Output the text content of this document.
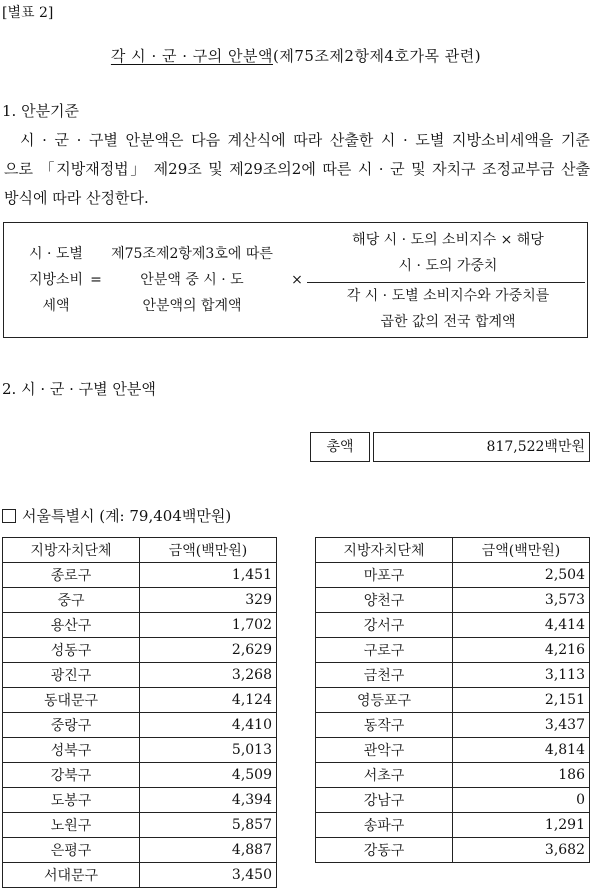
[별표 2]
각 시 · 군 · 구의 안분액(제75조제2항제4호가목 관련)
1. 안분기준
시 · 군 · 구별 안분액은 다음 계산식에 따라 산출한 시 · 도별 지방소비세액을 기준
으로 「지방재정법」 제29조 및 제29조의2에 따른 시 · 군 및 자치구 조정교부금 산출
방식에 따라 산정한다.
시 · 도별
지방소비
세액
=
제75조제2항제3호에 따른
안분액 중 시 · 도
안분액의 합계액
×
해당 시 · 도의 소비지수 × 해당
시 · 도의 가중치
각 시 · 도별 소비지수와 가중치를
곱한 값의 전국 합계액
2. 시 · 군 · 구별 안분액
총액	817,522백만원
서울특별시 (계: 79,404백만원)
지방자치단체	금액(백만원)
종로구	1,451
중구	329
용산구	1,702
성동구	2,629
광진구	3,268
동대문구	4,124
중랑구	4,410
성북구	5,013
강북구	4,509
도봉구	4,394
노원구	5,857
은평구	4,887
서대문구	3,450
지방자치단체	금액(백만원)
마포구	2,504
양천구	3,573
강서구	4,414
구로구	4,216
금천구	3,113
영등포구	2,151
동작구	3,437
관악구	4,814
서초구	186
강남구	0
송파구	1,291
강동구	3,682
